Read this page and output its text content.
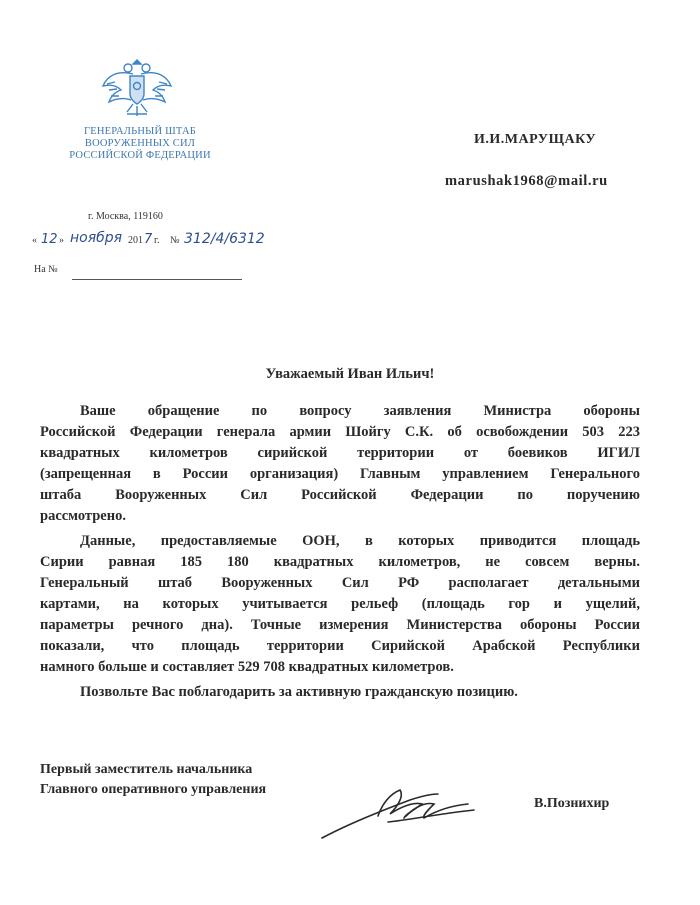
ГЕНЕРАЛЬНЫЙ ШТАБ
ВООРУЖЕННЫХ СИЛ
РОССИЙСКОЙ ФЕДЕРАЦИИ
г. Москва, 119160
« 12 » ноября 201 7 г. № 312/4/6312
На №
И.И.МАРУЩАКУ
marushak1968@mail.ru
Уважаемый Иван Ильич!
Ваше обращение по вопросу заявления Министра обороны
Российской Федерации генерала армии Шойгу С.К. об освобождении 503 223
квадратных километров сирийской территории от боевиков ИГИЛ
(запрещенная в России организация) Главным управлением Генерального
штаба Вооруженных Сил Российской Федерации по поручению
рассмотрено.
Данные, предоставляемые ООН, в которых приводится площадь
Сирии равная 185 180 квадратных километров, не совсем верны.
Генеральный штаб Вооруженных Сил РФ располагает детальными
картами, на которых учитывается рельеф (площадь гор и ущелий,
параметры речного дна). Точные измерения Министерства обороны России
показали, что площадь территории Сирийской Арабской Республики
намного больше и составляет 529 708 квадратных километров.
Позвольте Вас поблагодарить за активную гражданскую позицию.
Первый заместитель начальника
Главного оперативного управления
В.Познихир
